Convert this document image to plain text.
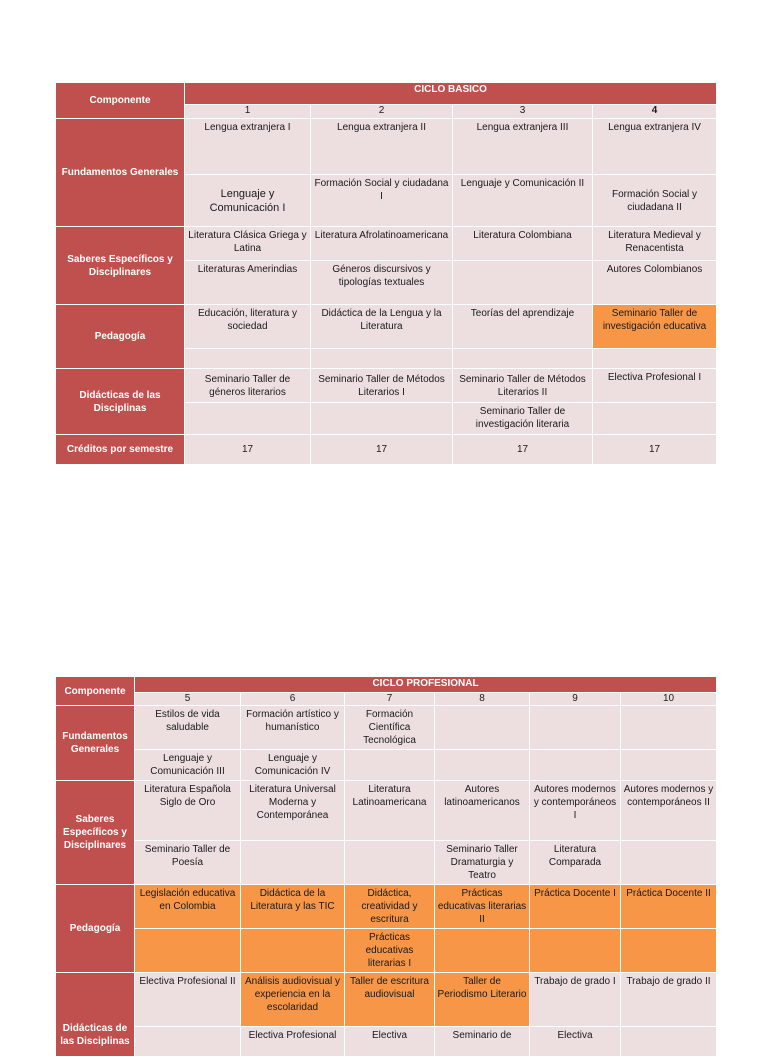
Componente	CICLO BASICO			
	1	2	3	4
Fundamentos Generales	Lengua extranjera I	Lengua extranjera II	Lengua extranjera III	Lengua extranjera IV
	Lenguaje y Comunicación I	Formación Social y ciudadana I	Lenguaje y Comunicación II	Formación Social y ciudadana II
Saberes Específicos y Disciplinares	Literatura Clásica Griega y Latina	Literatura Afrolatinoamericana	Literatura Colombiana	Literatura Medieval y Renacentista
	Literaturas Amerindias	Géneros discursivos y tipologías textuales		Autores Colombianos
Pedagogía	Educación, literatura y sociedad	Didáctica de la Lengua y la Literatura	Teorías del aprendizaje	Seminario Taller de investigación educativa

Didácticas de las Disciplinas	Seminario Taller de géneros literarios	Seminario Taller de Métodos Literarios I	Seminario Taller de Métodos Literarios II	Electiva Profesional I
			Seminario Taller de investigación literaria	
Créditos por semestre	17	17	17	17
Componente	CICLO PROFESIONAL					
	5	6	7	8	9	10
Fundamentos Generales	Estilos de vida saludable	Formación artístico y humanístico	Formación Científica Tecnológica			
	Lenguaje y Comunicación III	Lenguaje y Comunicación IV				
Saberes Específicos y Disciplinares	Literatura Española Siglo de Oro	Literatura Universal Moderna y Contemporánea	Literatura Latinoamericana	Autores latinoamericanos	Autores modernos y contemporáneos I	Autores modernos y contemporáneos II
	Seminario Taller de Poesía			Seminario Taller Dramaturgia y Teatro	Literatura Comparada	
Pedagogía	Legislación educativa en Colombia	Didáctica de la Literatura y las TIC	Didáctica, creatividad y escritura	Prácticas educativas literarias II	Práctica Docente I	Práctica Docente II
			Prácticas educativas literarias I			
Didácticas de las Disciplinas	Electiva Profesional II	Análisis audiovisual y experiencia en la escolaridad	Taller de escritura audiovisual	Taller de Periodismo Literario	Trabajo de grado I	Trabajo de grado II
		Electiva Profesional	Electiva	Seminario de	Electiva	
